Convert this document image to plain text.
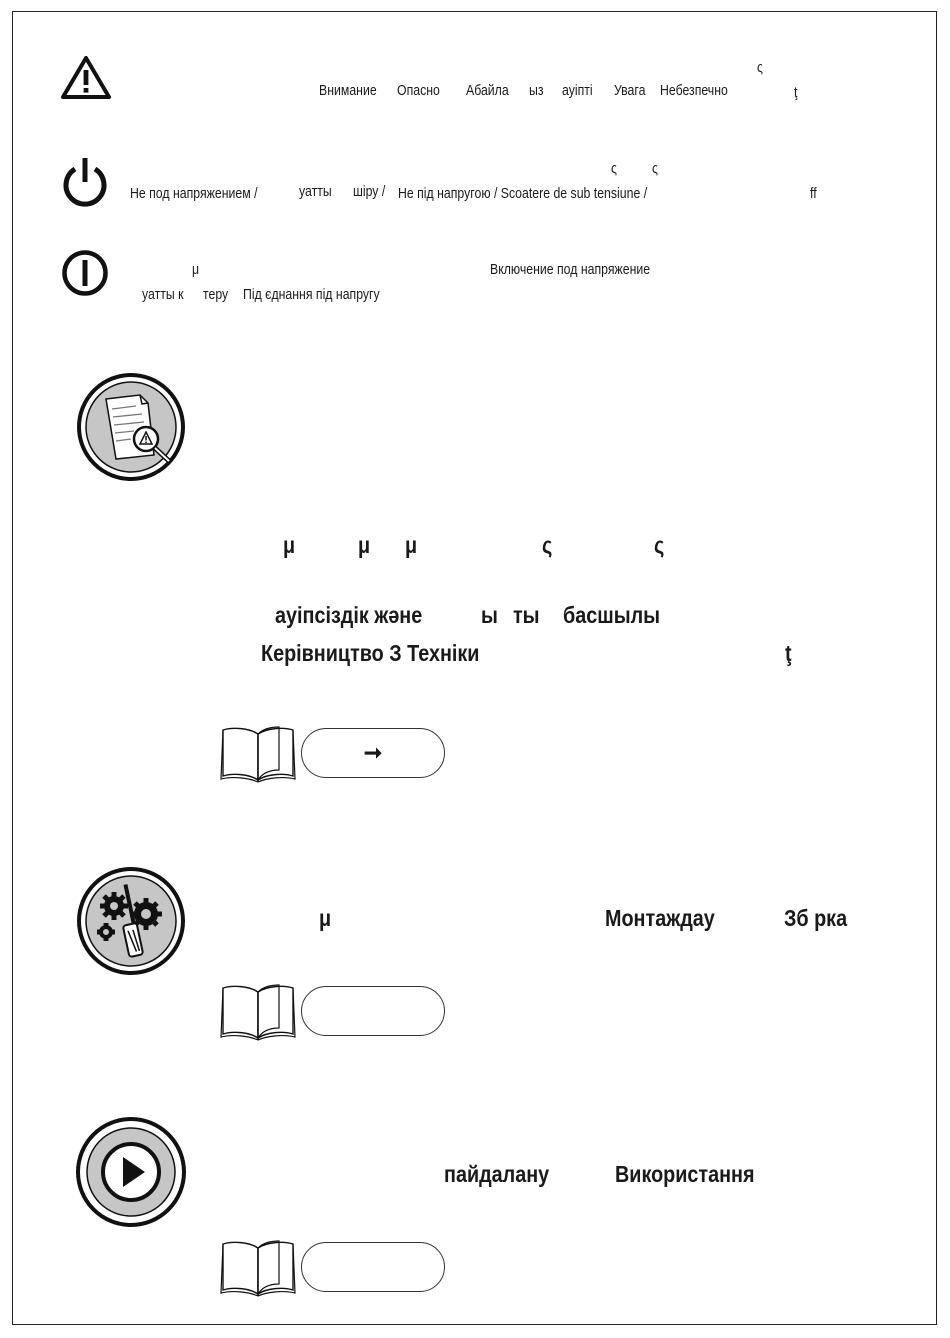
Внимание Опасно Абайла ыз ауіпті Увага Небезпечно
ς
ţ
Не под напряжением /	уатты шіру / Не під напругою / Scoatere de sub tensiune /
ς ς
ff
μ	Включение под напряжение
уатты к теру Під єднання під напругу
μ	μ μ	ς	ς
ауіпсіздік және	ы ты басшылы
Керівництво З Техніки	ţ
➞
μ	Монтаждау	Зб рка
пайдалану	Використання
